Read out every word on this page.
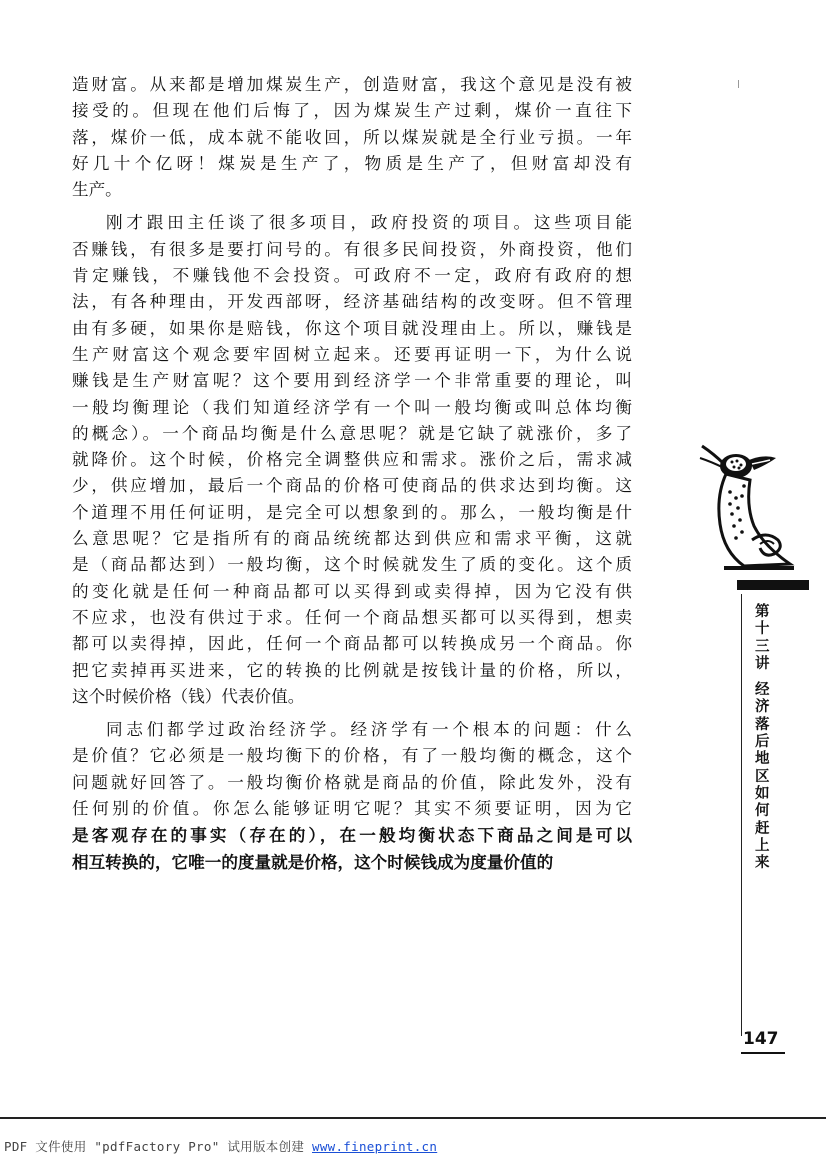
造财富。从来都是增加煤炭生产，创造财富，我这个意见是没有被
接受的。但现在他们后悔了，因为煤炭生产过剩，煤价一直往下
落，煤价一低，成本就不能收回，所以煤炭就是全行业亏损。一年
好几十个亿呀！煤炭是生产了，物质是生产了，但财富却没有
生产。
刚才跟田主任谈了很多项目，政府投资的项目。这些项目能
否赚钱，有很多是要打问号的。有很多民间投资，外商投资，他们
肯定赚钱，不赚钱他不会投资。可政府不一定，政府有政府的想
法，有各种理由，开发西部呀，经济基础结构的改变呀。但不管理
由有多硬，如果你是赔钱，你这个项目就没理由上。所以，赚钱是
生产财富这个观念要牢固树立起来。还要再证明一下，为什么说
赚钱是生产财富呢？这个要用到经济学一个非常重要的理论，叫
一般均衡理论（我们知道经济学有一个叫一般均衡或叫总体均衡
的概念）。一个商品均衡是什么意思呢？就是它缺了就涨价，多了
就降价。这个时候，价格完全调整供应和需求。涨价之后，需求减
少，供应增加，最后一个商品的价格可使商品的供求达到均衡。这
个道理不用任何证明，是完全可以想象到的。那么，一般均衡是什
么意思呢？它是指所有的商品统统都达到供应和需求平衡，这就
是（商品都达到）一般均衡，这个时候就发生了质的变化。这个质
的变化就是任何一种商品都可以买得到或卖得掉，因为它没有供
不应求，也没有供过于求。任何一个商品想买都可以买得到，想卖
都可以卖得掉，因此，任何一个商品都可以转换成另一个商品。你
把它卖掉再买进来，它的转换的比例就是按钱计量的价格，所以，
这个时候价格（钱）代表价值。
同志们都学过政治经济学。经济学有一个根本的问题：什么
是价值？它必须是一般均衡下的价格，有了一般均衡的概念，这个
问题就好回答了。一般均衡价格就是商品的价值，除此发外，没有
任何别的价值。你怎么能够证明它呢？其实不须要证明，因为它
是客观存在的事实（存在的），在一般均衡状态下商品之间是可以
相互转换的，它唯一的度量就是价格，这个时候钱成为度量价值的
第
十
三
讲

经
济
落
后
地
区
如
何
赶
上
来
147
PDF 文件使用 "pdfFactory Pro" 试用版本创建 www.fineprint.cn
